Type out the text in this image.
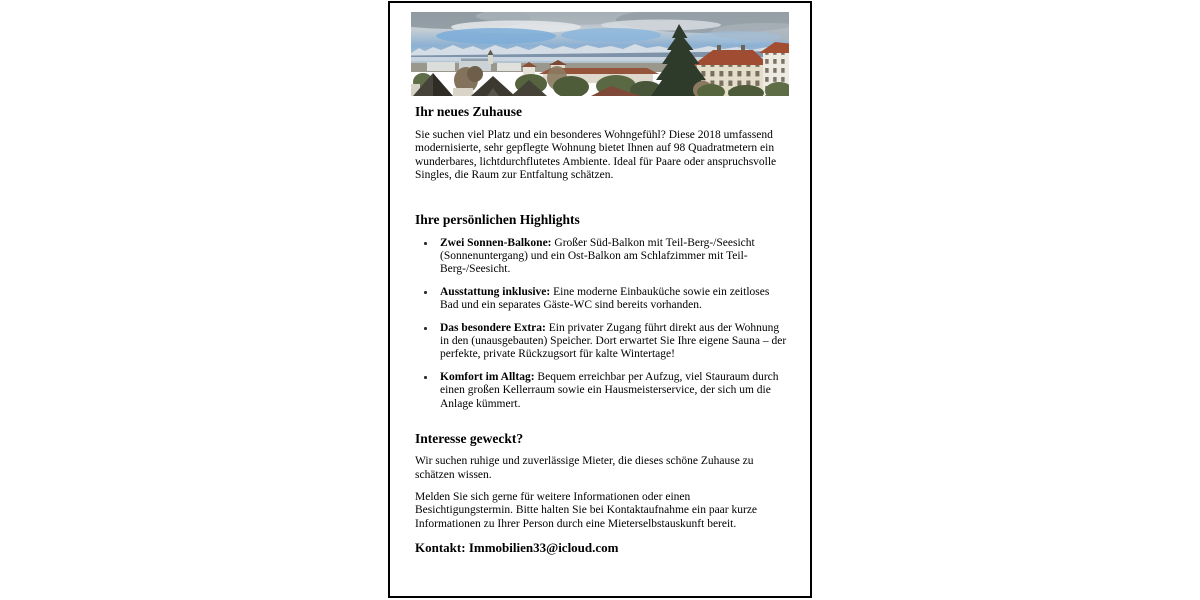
Ihr neues Zuhause

Sie suchen viel Platz und ein besonderes Wohngefühl? Diese 2018 umfassend modernisierte, sehr gepflegte Wohnung bietet Ihnen auf 98 Quadratmetern ein wunderbares, lichtdurchflutetes Ambiente. Ideal für Paare oder anspruchsvolle Singles, die Raum zur Entfaltung schätzen.

Ihre persönlichen Highlights

Zwei Sonnen-Balkone: Großer Süd-Balkon mit Teil-Berg-/Seesicht (Sonnenuntergang) und ein Ost-Balkon am Schlafzimmer mit Teil-Berg-/Seesicht.
Ausstattung inklusive: Eine moderne Einbauküche sowie ein zeitloses Bad und ein separates Gäste-WC sind bereits vorhanden.
Das besondere Extra: Ein privater Zugang führt direkt aus der Wohnung in den (unausgebauten) Speicher. Dort erwartet Sie Ihre eigene Sauna – der perfekte, private Rückzugsort für kalte Wintertage!
Komfort im Alltag: Bequem erreichbar per Aufzug, viel Stauraum durch einen großen Kellerraum sowie ein Hausmeisterservice, der sich um die Anlage kümmert.

Interesse geweckt?

Wir suchen ruhige und zuverlässige Mieter, die dieses schöne Zuhause zu schätzen wissen.

Melden Sie sich gerne für weitere Informationen oder einen Besichtigungstermin. Bitte halten Sie bei Kontaktaufnahme ein paar kurze Informationen zu Ihrer Person durch eine Mieterselbstauskunft bereit.

Kontakt: Immobilien33@icloud.com
